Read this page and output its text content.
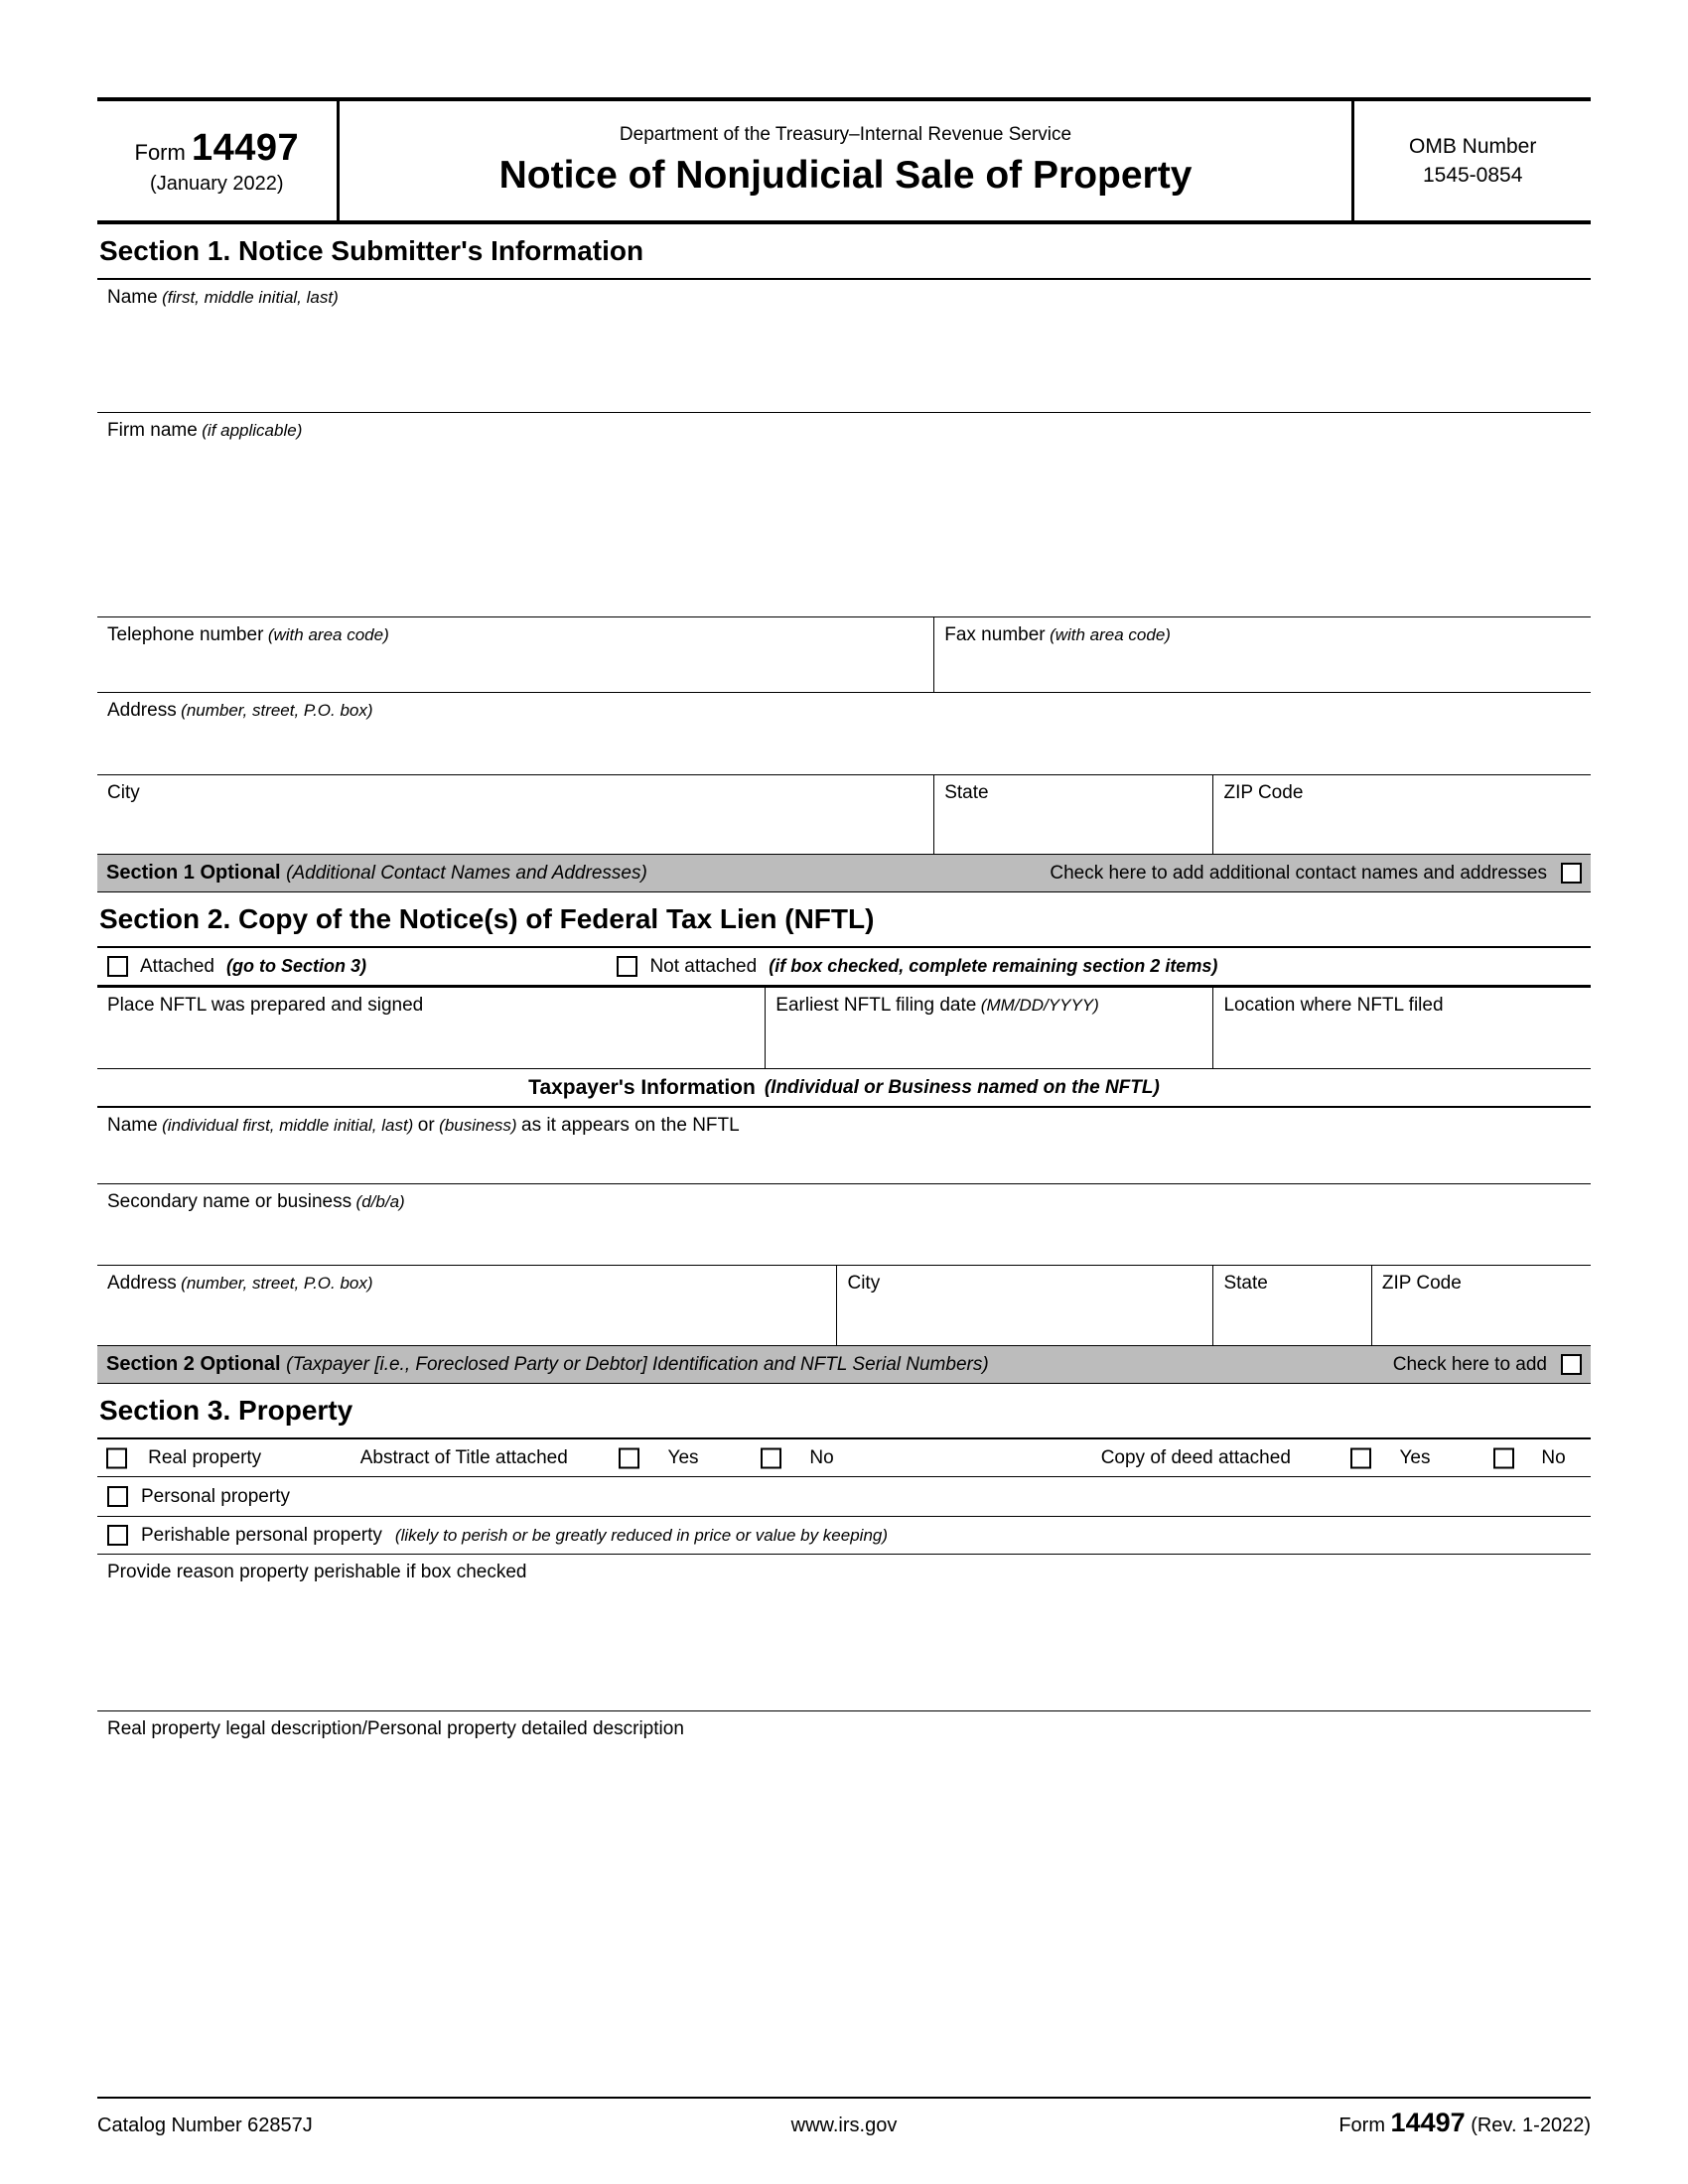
Form 14497
(January 2022)
Department of the Treasury–Internal Revenue Service
Notice of Nonjudicial Sale of Property
OMB Number
1545-0854
Section 1. Notice Submitter's Information
Name (first, middle initial, last)
Firm name (if applicable)
Telephone number (with area code)	Fax number (with area code)
Address (number, street, P.O. box)
City	State	ZIP Code
Section 1 Optional (Additional Contact Names and Addresses)	Check here to add additional contact names and addresses
Section 2. Copy of the Notice(s) of Federal Tax Lien (NFTL)
Attached (go to Section 3)	Not attached (if box checked, complete remaining section 2 items)
Place NFTL was prepared and signed	Earliest NFTL filing date (MM/DD/YYYY)	Location where NFTL filed
Taxpayer's Information (Individual or Business named on the NFTL)
Name (individual first, middle initial, last) or (business) as it appears on the NFTL
Secondary name or business (d/b/a)
Address (number, street, P.O. box)	City	State	ZIP Code
Section 2 Optional (Taxpayer [i.e., Foreclosed Party or Debtor] Identification and NFTL Serial Numbers)	Check here to add
Section 3. Property
Real property	Abstract of Title attached	Yes	No	Copy of deed attached	Yes	No
Personal property
Perishable personal property (likely to perish or be greatly reduced in price or value by keeping)
Provide reason property perishable if box checked
Real property legal description/Personal property detailed description
Catalog Number 62857J	www.irs.gov	Form 14497 (Rev. 1-2022)
